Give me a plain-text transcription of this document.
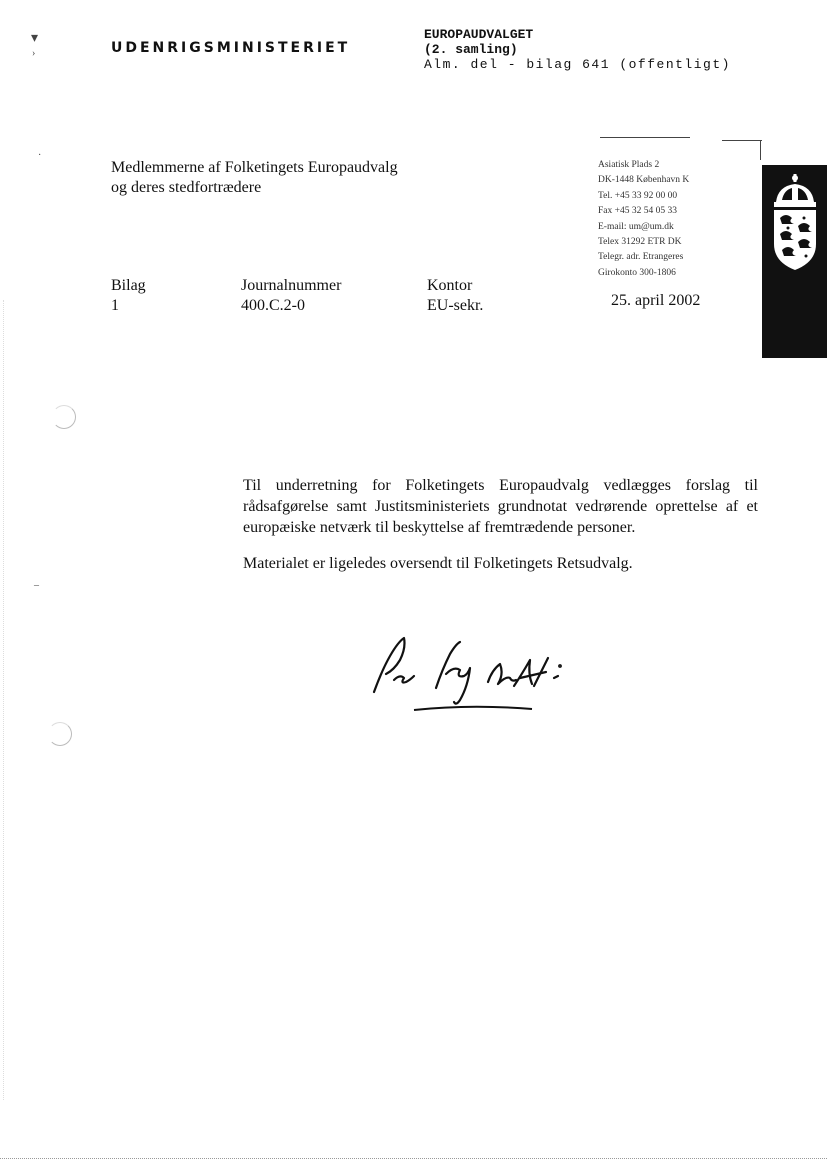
▾
›
·
–
UDENRIGSMINISTERIET
EUROPAUDVALGET
(2. samling)
Alm. del - bilag 641 (offentligt)
Medlemmerne af Folketingets Europaudvalg
og deres stedfortrædere
Asiatisk Plads 2
DK-1448 København K
Tel. +45 33 92 00 00
Fax +45 32 54 05 33
E-mail: um@um.dk
Telex 31292 ETR DK
Telegr. adr. Etrangeres
Girokonto 300-1806
Bilag
1
Journalnummer
400.C.2-0
Kontor
EU-sekr.	25. april 2002
Til underretning for Folketingets Europaudvalg vedlægges forslag til rådsafgørelse samt Justitsministeriets grundnotat vedrørende oprettelse af et europæiske netværk til beskyttelse af fremtrædende personer.
Materialet er ligeledes oversendt til Folketingets Retsudvalg.
